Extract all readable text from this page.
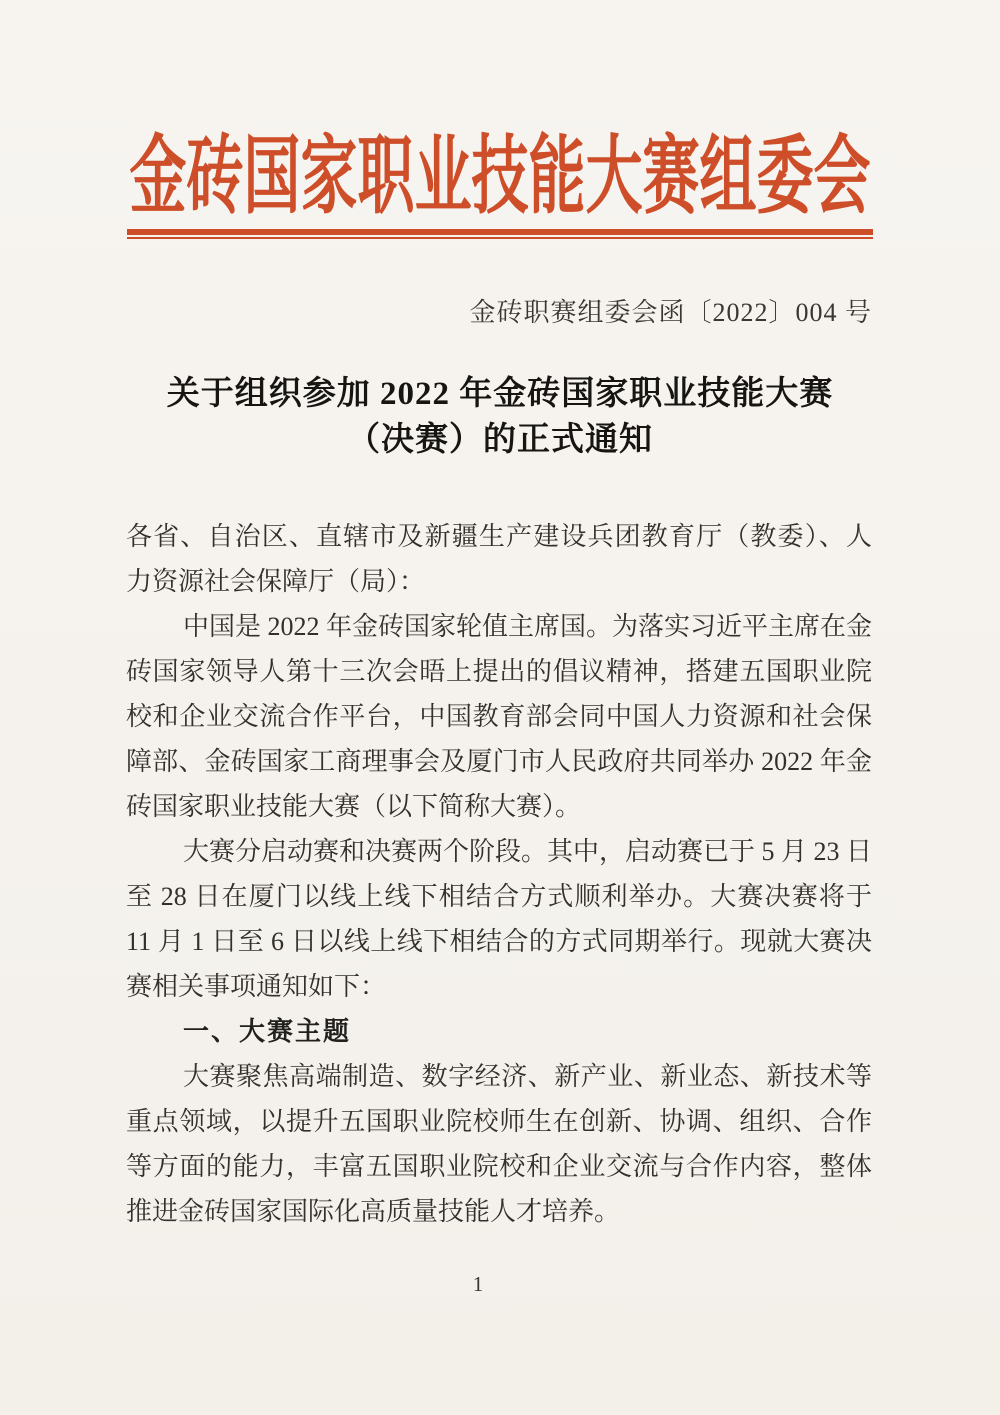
金砖国家职业技能大赛组委会
金砖职赛组委会函〔2022〕004 号
关于组织参加 2022 年金砖国家职业技能大赛
（决赛）的正式通知
各省、自治区、直辖市及新疆生产建设兵团教育厅（教委）、人
力资源社会保障厅（局）：
中国是 2022 年金砖国家轮值主席国。为落实习近平主席在金
砖国家领导人第十三次会晤上提出的倡议精神，搭建五国职业院
校和企业交流合作平台，中国教育部会同中国人力资源和社会保
障部、金砖国家工商理事会及厦门市人民政府共同举办 2022 年金
砖国家职业技能大赛（以下简称大赛）。
大赛分启动赛和决赛两个阶段。其中，启动赛已于 5 月 23 日
至 28 日在厦门以线上线下相结合方式顺利举办。大赛决赛将于
11 月 1 日至 6 日以线上线下相结合的方式同期举行。现就大赛决
赛相关事项通知如下：
一、大赛主题
大赛聚焦高端制造、数字经济、新产业、新业态、新技术等
重点领域，以提升五国职业院校师生在创新、协调、组织、合作
等方面的能力，丰富五国职业院校和企业交流与合作内容，整体
推进金砖国家国际化高质量技能人才培养。
1
